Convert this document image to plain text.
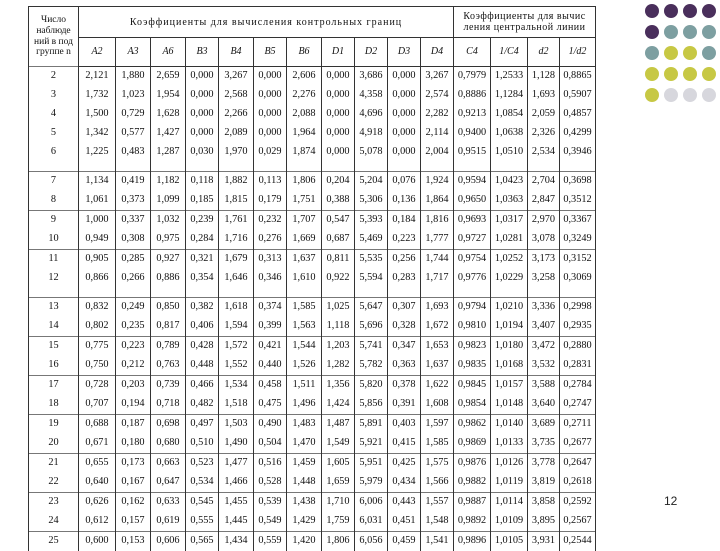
Число наблюде ний в под группе n	Коэффициенты для вычисления контрольных границ											Коэффициенты для вычис ления центральной линии			
	A2	A3	A6	B3	B4	B5	B6	D1	D2	D3	D4	C4	1/C4	d2	1/d2
2	2,121	1,880	2,659	0,000	3,267	0,000	2,606	0,000	3,686	0,000	3,267	0,7979	1,2533	1,128	0,8865
3	1,732	1,023	1,954	0,000	2,568	0,000	2,276	0,000	4,358	0,000	2,574	0,8886	1,1284	1,693	0,5907
4	1,500	0,729	1,628	0,000	2,266	0,000	2,088	0,000	4,696	0,000	2,282	0,9213	1,0854	2,059	0,4857
5	1,342	0,577	1,427	0,000	2,089	0,000	1,964	0,000	4,918	0,000	2,114	0,9400	1,0638	2,326	0,4299
6	1,225	0,483	1,287	0,030	1,970	0,029	1,874	0,000	5,078	0,000	2,004	0,9515	1,0510	2,534	0,3946

7	1,134	0,419	1,182	0,118	1,882	0,113	1,806	0,204	5,204	0,076	1,924	0,9594	1,0423	2,704	0,3698
8	1,061	0,373	1,099	0,185	1,815	0,179	1,751	0,388	5,306	0,136	1,864	0,9650	1,0363	2,847	0,3512
9	1,000	0,337	1,032	0,239	1,761	0,232	1,707	0,547	5,393	0,184	1,816	0,9693	1,0317	2,970	0,3367
10	0,949	0,308	0,975	0,284	1,716	0,276	1,669	0,687	5,469	0,223	1,777	0,9727	1,0281	3,078	0,3249
11	0,905	0,285	0,927	0,321	1,679	0,313	1,637	0,811	5,535	0,256	1,744	0,9754	1,0252	3,173	0,3152
12	0,866	0,266	0,886	0,354	1,646	0,346	1,610	0,922	5,594	0,283	1,717	0,9776	1,0229	3,258	0,3069

13	0,832	0,249	0,850	0,382	1,618	0,374	1,585	1,025	5,647	0,307	1,693	0,9794	1,0210	3,336	0,2998
14	0,802	0,235	0,817	0,406	1,594	0,399	1,563	1,118	5,696	0,328	1,672	0,9810	1,0194	3,407	0,2935
15	0,775	0,223	0,789	0,428	1,572	0,421	1,544	1,203	5,741	0,347	1,653	0,9823	1,0180	3,472	0,2880
16	0,750	0,212	0,763	0,448	1,552	0,440	1,526	1,282	5,782	0,363	1,637	0,9835	1,0168	3,532	0,2831
17	0,728	0,203	0,739	0,466	1,534	0,458	1,511	1,356	5,820	0,378	1,622	0,9845	1,0157	3,588	0,2784
18	0,707	0,194	0,718	0,482	1,518	0,475	1,496	1,424	5,856	0,391	1,608	0,9854	1,0148	3,640	0,2747
19	0,688	0,187	0,698	0,497	1,503	0,490	1,483	1,487	5,891	0,403	1,597	0,9862	1,0140	3,689	0,2711
20	0,671	0,180	0,680	0,510	1,490	0,504	1,470	1,549	5,921	0,415	1,585	0,9869	1,0133	3,735	0,2677
21	0,655	0,173	0,663	0,523	1,477	0,516	1,459	1,605	5,951	0,425	1,575	0,9876	1,0126	3,778	0,2647
22	0,640	0,167	0,647	0,534	1,466	0,528	1,448	1,659	5,979	0,434	1,566	0,9882	1,0119	3,819	0,2618
23	0,626	0,162	0,633	0,545	1,455	0,539	1,438	1,710	6,006	0,443	1,557	0,9887	1,0114	3,858	0,2592
24	0,612	0,157	0,619	0,555	1,445	0,549	1,429	1,759	6,031	0,451	1,548	0,9892	1,0109	3,895	0,2567
25	0,600	0,153	0,606	0,565	1,434	0,559	1,420	1,806	6,056	0,459	1,541	0,9896	1,0105	3,931	0,2544
12
